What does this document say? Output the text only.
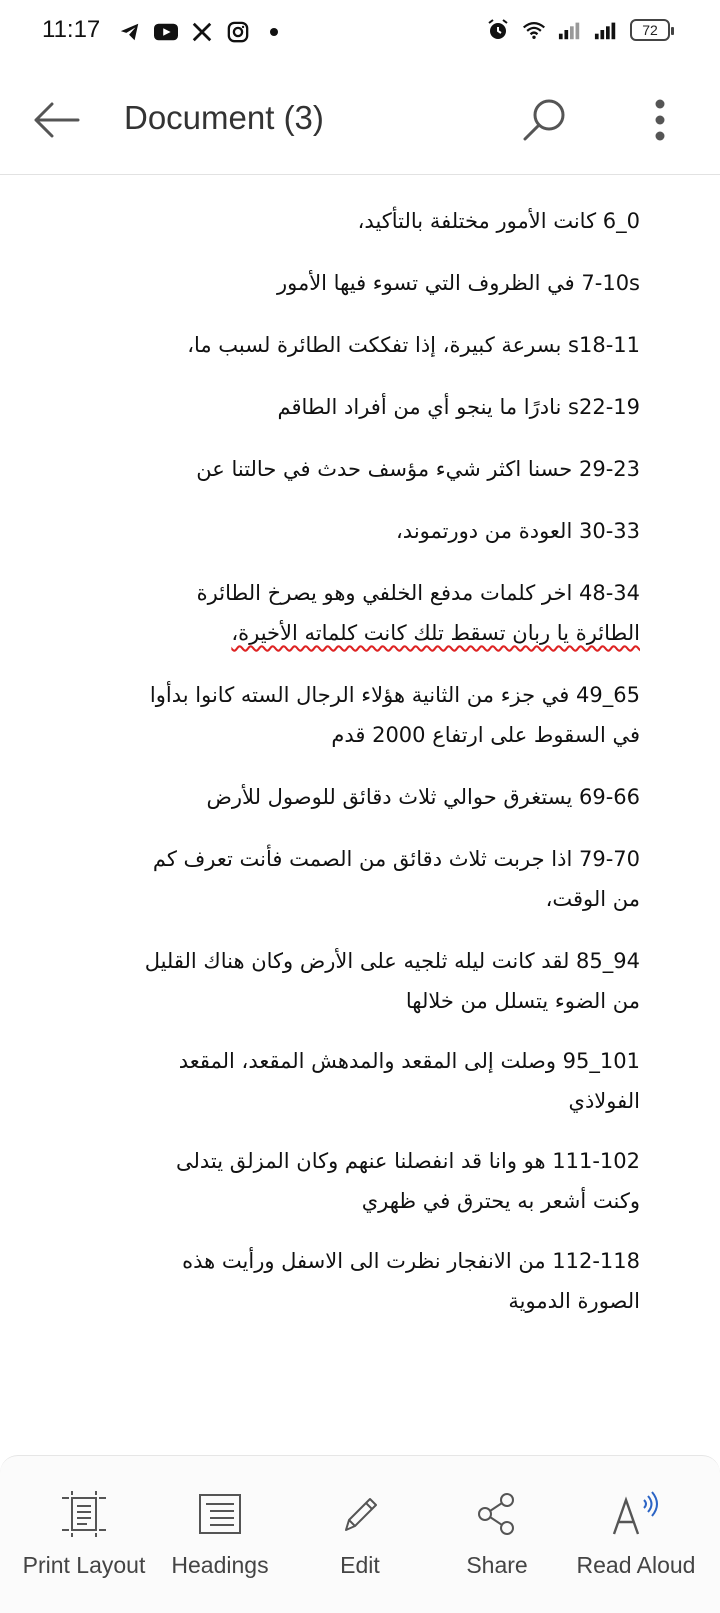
11:17	72
Document (3)
0_6 كانت الأمور مختلفة بالتأكيد،
7-10s في الظروف التي تسوء فيها الأمور
s18-11 بسرعة كبيرة، إذا تفككت الطائرة لسبب ما،
s22-19 نادرًا ما ينجو أي من أفراد الطاقم
29-23 حسنا اكثر شيء مؤسف حدث في حالتنا عن
30-33 العودة من دورتموند،
48-34 اخر كلمات مدفع الخلفي وهو يصرخ الطائرة
الطائرة يا ربان تسقط تلك كانت كلماته الأخيرة،
65_49 في جزء من الثانية هؤلاء الرجال السته كانوا بدأوا
في السقوط على ارتفاع 2000 قدم
69-66 يستغرق حوالي ثلاث دقائق للوصول للأرض
79-70 اذا جربت ثلاث دقائق من الصمت فأنت تعرف كم
من الوقت،
94_85 لقد كانت ليله ثلجيه على الأرض وكان هناك القليل
من الضوء يتسلل من خلالها
101_95 وصلت إلى المقعد والمدهش المقعد، المقعد
الفولاذي
111-102 هو وانا قد انفصلنا عنهم وكان المزلق يتدلى
وكنت أشعر به يحترق في ظهري
112-118 من الانفجار نظرت الى الاسفل ورأيت هذه
الصورة الدموية
Print Layout Headings	Edit	Share Read Aloud
